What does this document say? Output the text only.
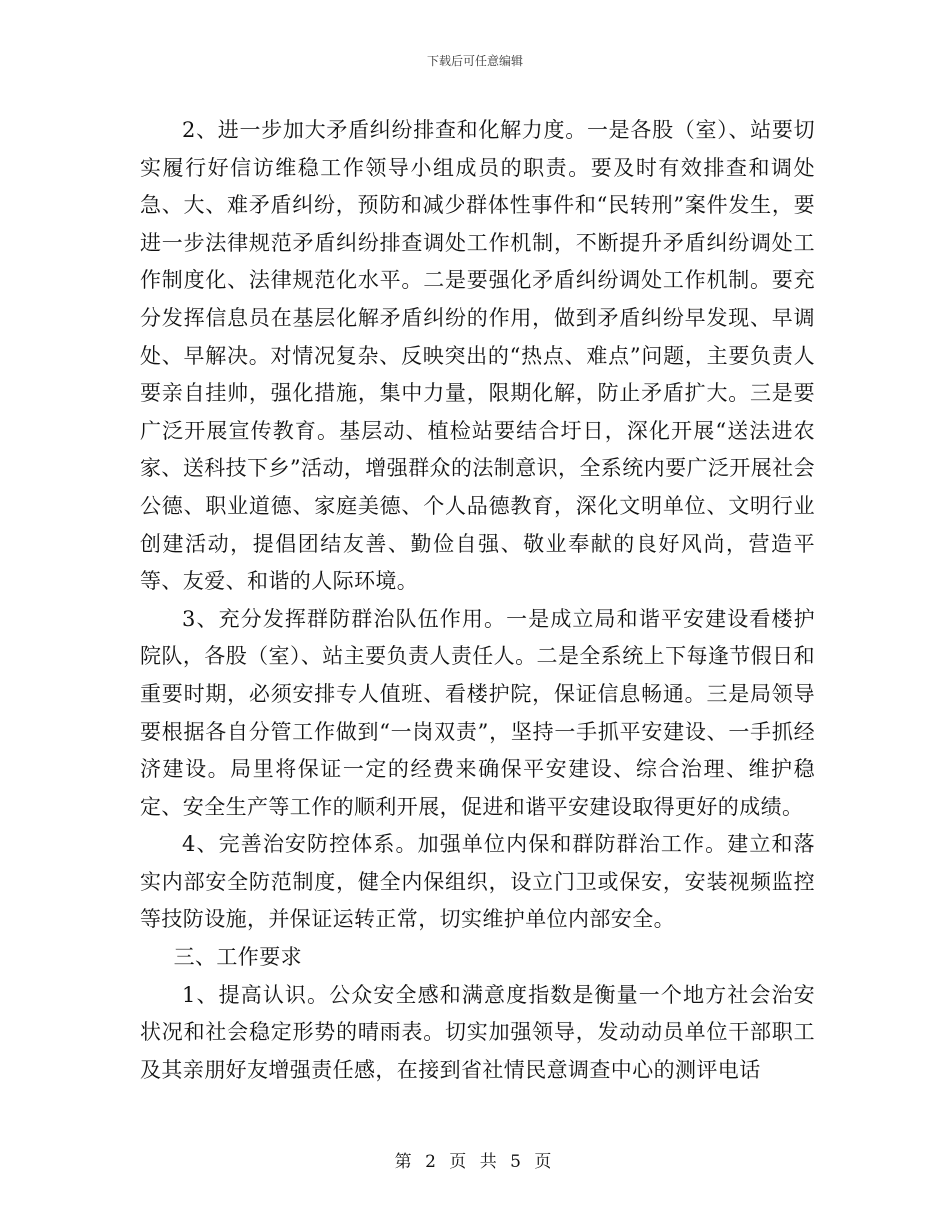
下载后可任意编辑

2、进一步加大矛盾纠纷排查和化解力度。一是各股（室）、站要切实履行好信访维稳工作领导小组成员的职责。要及时有效排查和调处急、大、难矛盾纠纷，预防和减少群体性事件和“民转刑”案件发生，要进一步法律规范矛盾纠纷排查调处工作机制，不断提升矛盾纠纷调处工作制度化、法律规范化水平。二是要强化矛盾纠纷调处工作机制。要充分发挥信息员在基层化解矛盾纠纷的作用，做到矛盾纠纷早发现、早调处、早解决。对情况复杂、反映突出的“热点、难点”问题，主要负责人要亲自挂帅，强化措施，集中力量，限期化解，防止矛盾扩大。三是要广泛开展宣传教育。基层动、植检站要结合圩日，深化开展“送法进农家、送科技下乡”活动，增强群众的法制意识，全系统内要广泛开展社会公德、职业道德、家庭美德、个人品德教育，深化文明单位、文明行业创建活动，提倡团结友善、勤俭自强、敬业奉献的良好风尚，营造平等、友爱、和谐的人际环境。

3、充分发挥群防群治队伍作用。一是成立局和谐平安建设看楼护院队，各股（室）、站主要负责人责任人。二是全系统上下每逢节假日和重要时期，必须安排专人值班、看楼护院，保证信息畅通。三是局领导要根据各自分管工作做到“一岗双责”，坚持一手抓平安建设、一手抓经济建设。局里将保证一定的经费来确保平安建设、综合治理、维护稳定、安全生产等工作的顺利开展，促进和谐平安建设取得更好的成绩。

4、完善治安防控体系。加强单位内保和群防群治工作。建立和落实内部安全防范制度，健全内保组织，设立门卫或保安，安装视频监控等技防设施，并保证运转正常，切实维护单位内部安全。

三、工作要求

1、提高认识。公众安全感和满意度指数是衡量一个地方社会治安状况和社会稳定形势的晴雨表。切实加强领导，发动动员单位干部职工及其亲朋好友增强责任感，在接到省社情民意调查中心的测评电话

第 2 页 共 5 页
